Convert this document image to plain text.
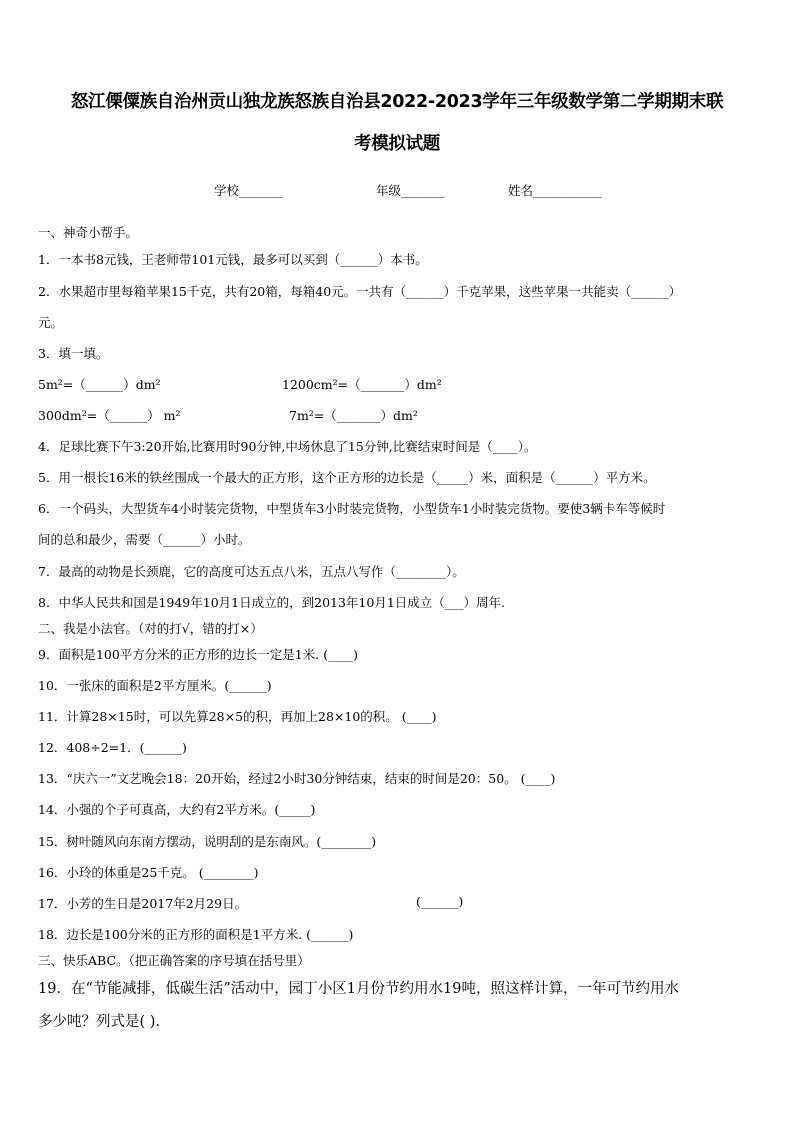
怒江傈僳族自治州贡山独龙族怒族自治县2022-2023学年三年级数学第二学期期末联
考模拟试题
学校_______	年级_______	姓名___________
一、神奇小帮手。
1．一本书8元钱，王老师带101元钱，最多可以买到（______）本书。
2．水果超市里每箱苹果15千克，共有20箱，每箱40元。一共有（______）千克苹果，这些苹果一共能卖（______）
元。
3．填一填。
5m²=（______）dm²	1200cm²=（_______）dm²
300dm²=（______） m²	7m²=（_______）dm²
4．足球比赛下午3:20开始,比赛用时90分钟,中场休息了15分钟,比赛结束时间是（____）。
5．用一根长16米的铁丝围成一个最大的正方形，这个正方形的边长是（_____）米，面积是（______）平方米。
6．一个码头，大型货车4小时装完货物，中型货车3小时装完货物，小型货车1小时装完货物。要使3辆卡车等候时
间的总和最少，需要（______）小时。
7．最高的动物是长颈鹿，它的高度可达五点八米，五点八写作（________）。
8．中华人民共和国是1949年10月1日成立的，到2013年10月1日成立（___）周年.
二、我是小法官。（对的打√，错的打×）
9．面积是100平方分米的正方形的边长一定是1米. (____)
10．一张床的面积是2平方厘米。(______)
11．计算28×15时，可以先算28×5的积，再加上28×10的积。 (____)
12．408÷2=1．(______)
13．“庆六一”文艺晚会18：20开始，经过2小时30分钟结束，结束的时间是20：50。 (____)
14．小强的个子可真高，大约有2平方米。(_____)
15．树叶随风向东南方摆动，说明刮的是东南风。(________)
16．小玲的体重是25千克。 (________)
17．小芳的生日是2017年2月29日。	(______)
18．边长是100分米的正方形的面积是1平方米. (______)
三、快乐ABC。（把正确答案的序号填在括号里）
19．在“节能减排，低碳生活”活动中，园丁小区1月份节约用水19吨，照这样计算，一年可节约用水
多少吨？列式是( ).
